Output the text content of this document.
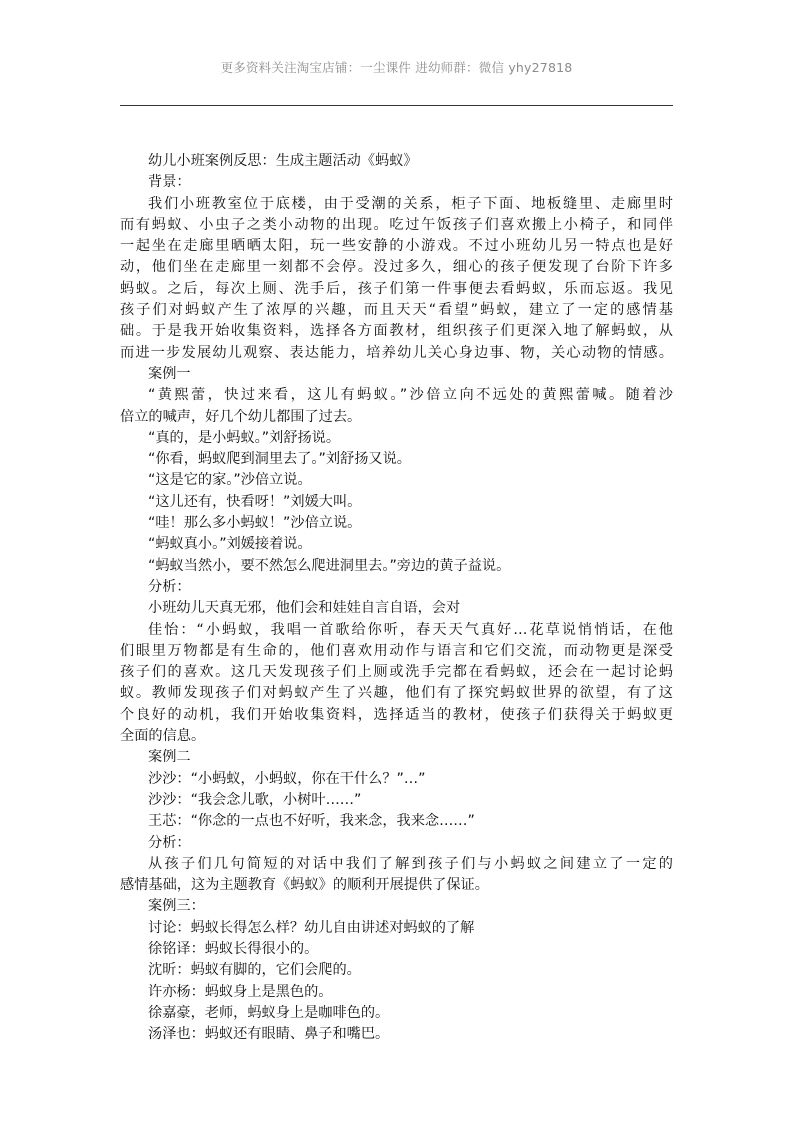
更多资料关注淘宝店铺：一尘课件 进幼师群：微信 yhy27818
幼儿小班案例反思：生成主题活动《蚂蚁》
背景：
我们小班教室位于底楼，由于受潮的关系，柜子下面、地板缝里、走廊里时
而有蚂蚁、小虫子之类小动物的出现。吃过午饭孩子们喜欢搬上小椅子，和同伴
一起坐在走廊里晒晒太阳，玩一些安静的小游戏。不过小班幼儿另一特点也是好
动，他们坐在走廊里一刻都不会停。没过多久，细心的孩子便发现了台阶下许多
蚂蚁。之后，每次上厕、洗手后，孩子们第一件事便去看蚂蚁，乐而忘返。我见
孩子们对蚂蚁产生了浓厚的兴趣，而且天天“看望”蚂蚁，建立了一定的感情基
础。于是我开始收集资料，选择各方面教材，组织孩子们更深入地了解蚂蚁，从
而进一步发展幼儿观察、表达能力，培养幼儿关心身边事、物，关心动物的情感。
案例一
“黄熙蕾，快过来看，这儿有蚂蚁。”沙倍立向不远处的黄熙蕾喊。随着沙
倍立的喊声，好几个幼儿都围了过去。
“真的，是小蚂蚁。”刘舒扬说。
“你看，蚂蚁爬到洞里去了。”刘舒扬又说。
“这是它的家。”沙倍立说。
“这儿还有，快看呀！”刘媛大叫。
“哇！那么多小蚂蚁！”沙倍立说。
“蚂蚁真小。”刘媛接着说。
“蚂蚁当然小，要不然怎么爬进洞里去。”旁边的黄子益说。
分析：
小班幼儿天真无邪，他们会和娃娃自言自语，会对
佳怡：“小蚂蚁，我唱一首歌给你听，春天天气真好…花草说悄悄话，在他
们眼里万物都是有生命的，他们喜欢用动作与语言和它们交流，而动物更是深受
孩子们的喜欢。这几天发现孩子们上厕或洗手完都在看蚂蚁，还会在一起讨论蚂
蚁。教师发现孩子们对蚂蚁产生了兴趣，他们有了探究蚂蚁世界的欲望，有了这
个良好的动机，我们开始收集资料，选择适当的教材，使孩子们获得关于蚂蚁更
全面的信息。
案例二
沙沙：“小蚂蚁，小蚂蚁，你在干什么？”…”
沙沙：“我会念儿歌，小树叶……”
王芯：“你念的一点也不好听，我来念，我来念……”
分析：
从孩子们几句简短的对话中我们了解到孩子们与小蚂蚁之间建立了一定的
感情基础，这为主题教育《蚂蚁》的顺利开展提供了保证。
案例三：
讨论：蚂蚁长得怎么样？幼儿自由讲述对蚂蚁的了解
徐铭译：蚂蚁长得很小的。
沈昕：蚂蚁有脚的，它们会爬的。
许亦杨：蚂蚁身上是黑色的。
徐嘉豪，老师，蚂蚁身上是咖啡色的。
汤泽也：蚂蚁还有眼睛、鼻子和嘴巴。
